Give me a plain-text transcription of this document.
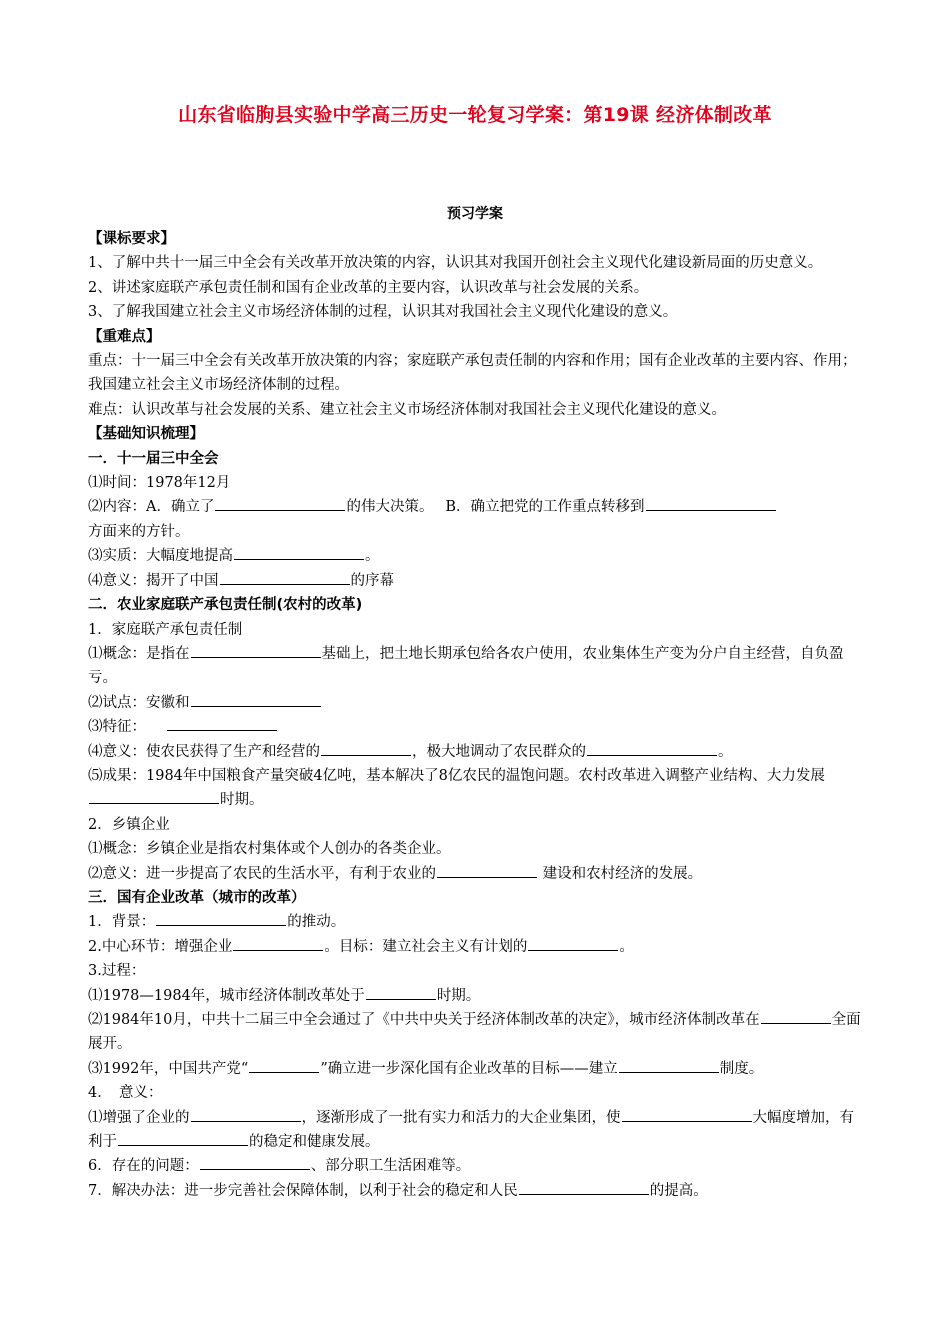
山东省临朐县实验中学高三历史一轮复习学案：第19课 经济体制改革
预习学案

【课标要求】

1、了解中共十一届三中全会有关改革开放决策的内容，认识其对我国开创社会主义现代化建设新局面的历史意义。

2、讲述家庭联产承包责任制和国有企业改革的主要内容，认识改革与社会发展的关系。

3、了解我国建立社会主义市场经济体制的过程，认识其对我国社会主义现代化建设的意义。

【重难点】

重点：十一届三中全会有关改革开放决策的内容；家庭联产承包责任制的内容和作用；国有企业改革的主要内容、作用；我国建立社会主义市场经济体制的过程。

难点：认识改革与社会发展的关系、建立社会主义市场经济体制对我国社会主义现代化建设的意义。

【基础知识梳理】

一．十一届三中全会

⑴时间：1978年12月

⑵内容：A．确立了	的伟大决策。　 B．确立把党的工作重点转移到

方面来的方针。

⑶实质：大幅度地提高	。

⑷意义：揭开了中国	的序幕

二．农业家庭联产承包责任制(农村的改革)

1．家庭联产承包责任制

⑴概念：是指在	基础上，把土地长期承包给各农户使用，农业集体生产变为分户自主经营，自负盈亏。

⑵试点：安徽和

⑶特征：

⑷意义：使农民获得了生产和经营的	，极大地调动了农民群众的	。

⑸成果：1984年中国粮食产量突破4亿吨，基本解决了8亿农民的温饱问题。农村改革进入调整产业结构、大力发展时期。

2．乡镇企业

⑴概念：乡镇企业是指农村集体或个人创办的各类企业。

⑵意义：进一步提高了农民的生活水平，有利于农业的	建设和农村经济的发展。

三．国有企业改革（城市的改革）

1．背景：	的推动。

2.中心环节：增强企业	。目标：建立社会主义有计划的	。

3.过程：

⑴1978—1984年，城市经济体制改革处于	时期。

⑵1984年10月，中共十二届三中全会通过了《中共中央关于经济体制改革的决定》，城市经济体制改革在	全面展开。

⑶1992年，中国共产党“	”确立进一步深化国有企业改革的目标——建立	制度。

4．　意义：

⑴增强了企业的	，逐渐形成了一批有实力和活力的大企业集团，使	大幅度增加，有利于	的稳定和健康发展。

6．存在的问题：	、部分职工生活困难等。

7．解决办法：进一步完善社会保障体制，以利于社会的稳定和人民	的提高。
